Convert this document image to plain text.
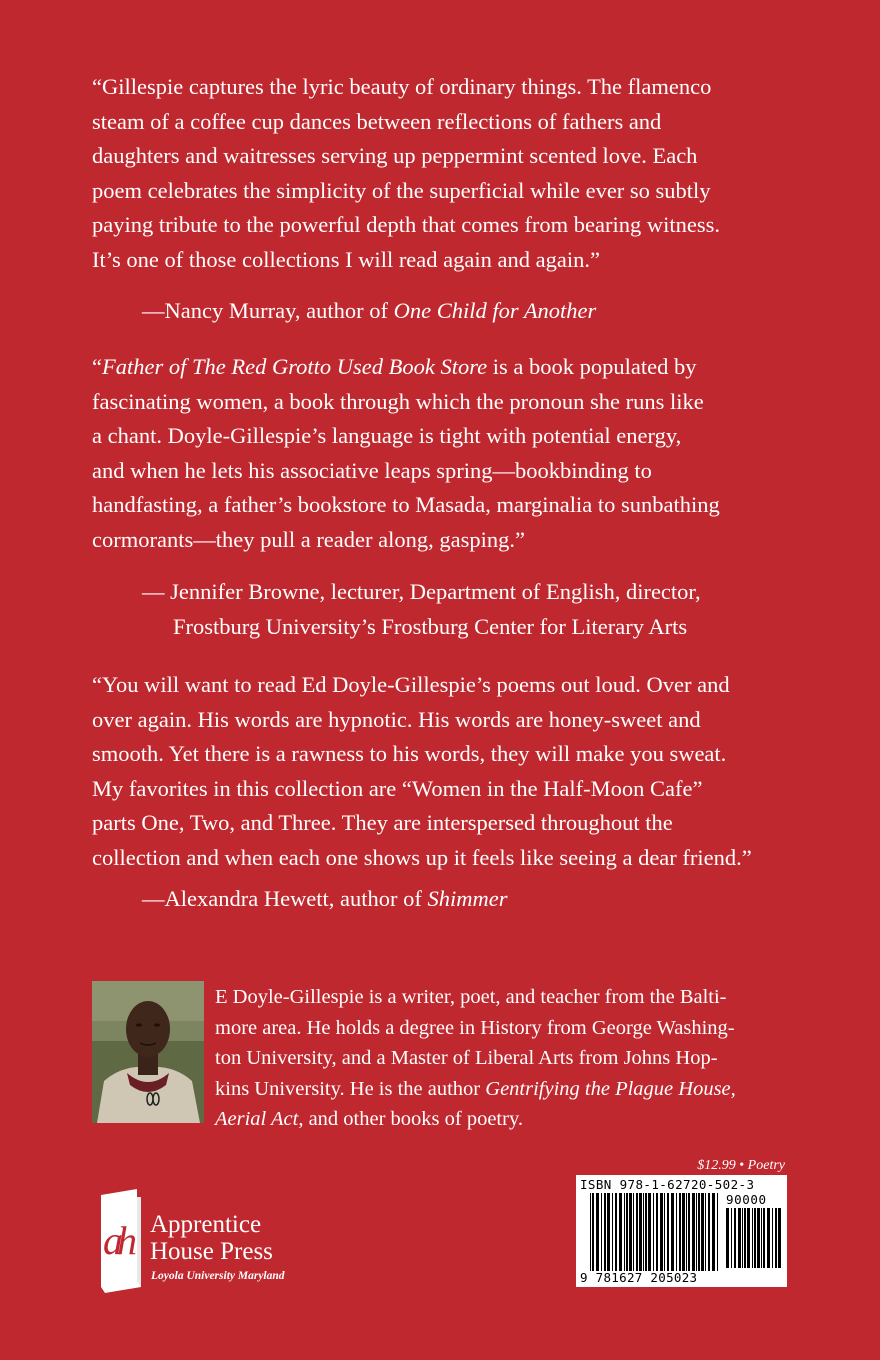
“Gillespie captures the lyric beauty of ordinary things. The flamenco
steam of a coffee cup dances between reflections of fathers and
daughters and waitresses serving up peppermint scented love. Each
poem celebrates the simplicity of the superficial while ever so subtly
paying tribute to the powerful depth that comes from bearing witness.
It’s one of those collections I will read again and again.”
—Nancy Murray, author of One Child for Another
“Father of The Red Grotto Used Book Store is a book populated by
fascinating women, a book through which the pronoun she runs like
a chant. Doyle-Gillespie’s language is tight with potential energy,
and when he lets his associative leaps spring—bookbinding to
handfasting, a father’s bookstore to Masada, marginalia to sunbathing
cormorants—they pull a reader along, gasping.”
— Jennifer Browne, lecturer, Department of English, director,
Frostburg University’s Frostburg Center for Literary Arts
“You will want to read Ed Doyle-Gillespie’s poems out loud. Over and
over again. His words are hypnotic. His words are honey-sweet and
smooth. Yet there is a rawness to his words, they will make you sweat.
My favorites in this collection are “Women in the Half-Moon Cafe”
parts One, Two, and Three. They are interspersed throughout the
collection and when each one shows up it feels like seeing a dear friend.”
—Alexandra Hewett, author of Shimmer
E Doyle-Gillespie is a writer, poet, and teacher from the Balti-
more area. He holds a degree in History from George Washing-
ton University, and a Master of Liberal Arts from Johns Hop-
kins University. He is the author Gentrifying the Plague House,
Aerial Act, and other books of poetry.
$12.99 • Poetry
ISBN 978-1-62720-502-3
90000
9 781627 205023
ah Apprentice
House Press
Loyola University Maryland
